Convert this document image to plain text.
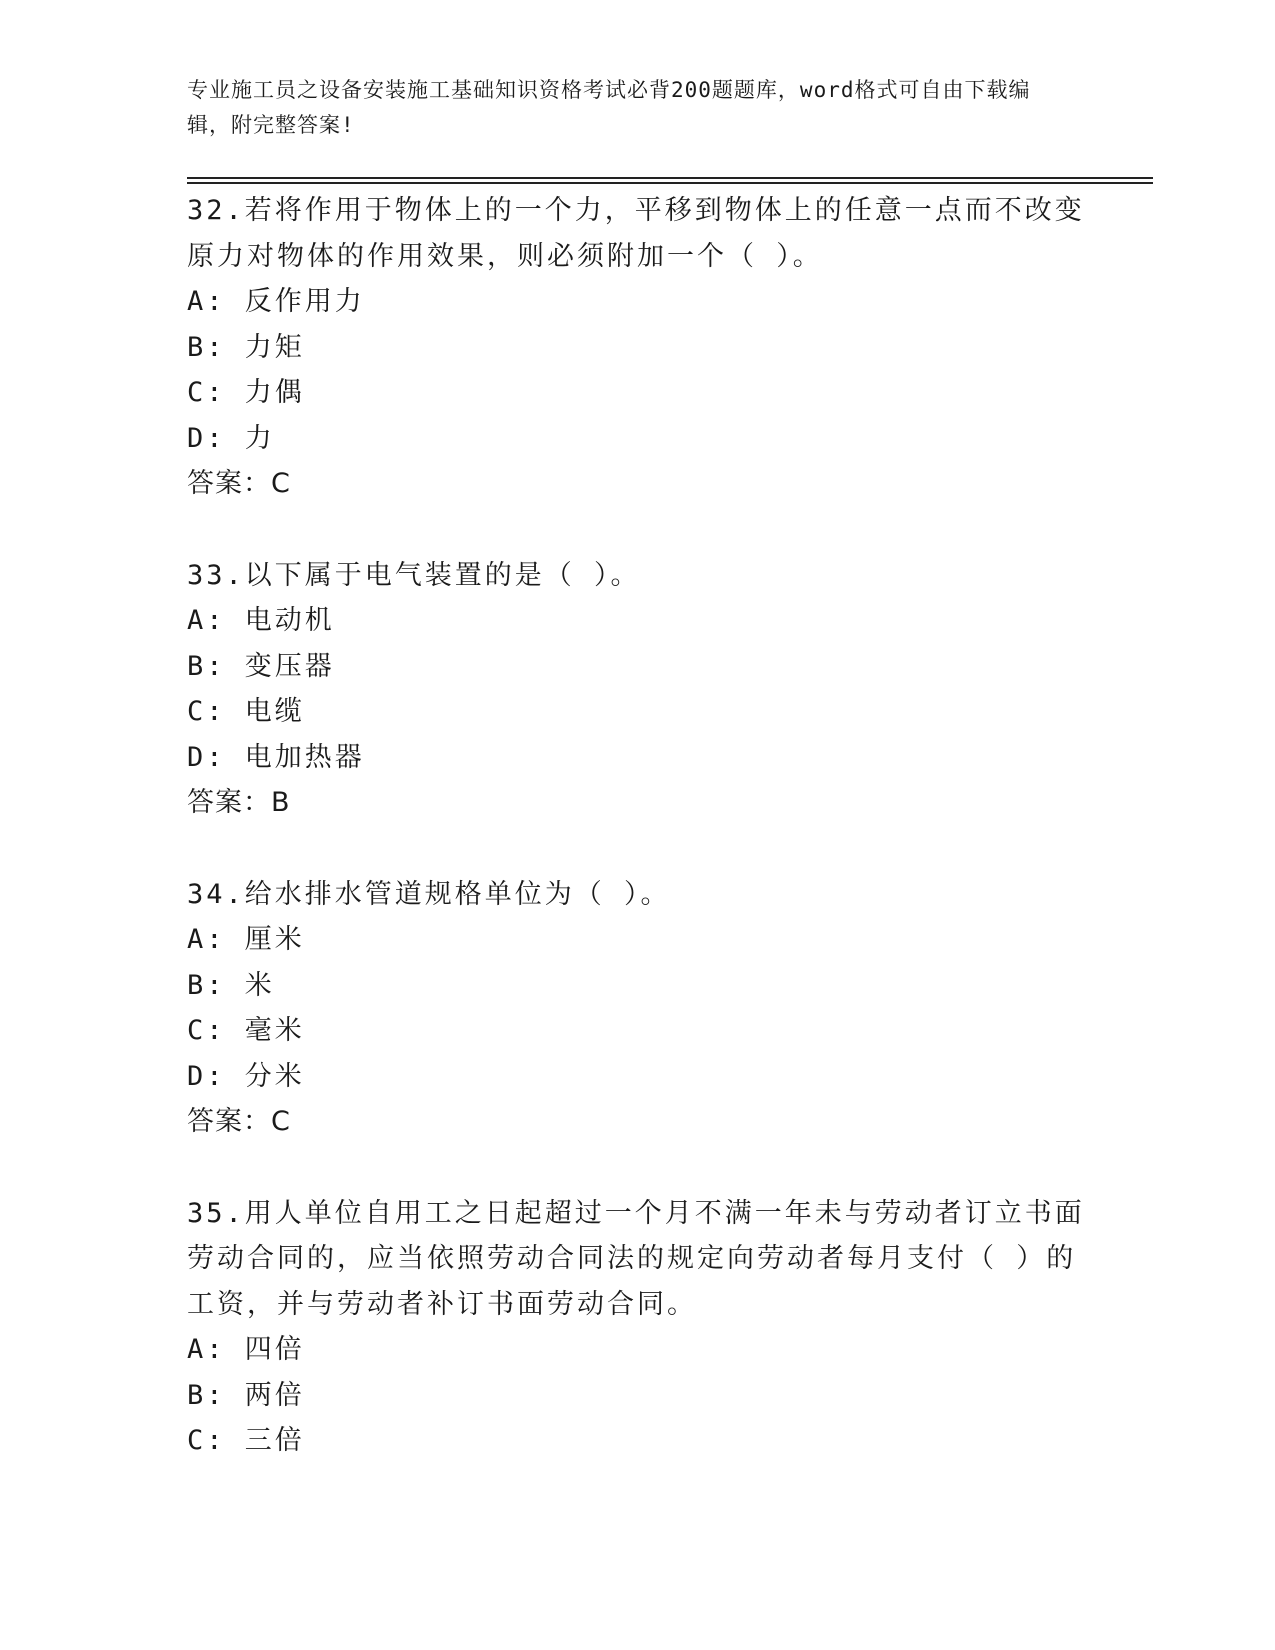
专业施工员之设备安装施工基础知识资格考试必背200题题库，word格式可自由下载编辑，附完整答案!
32.若将作用于物体上的一个力，平移到物体上的任意一点而不改变原力对物体的作用效果，则必须附加一个（ ）。
A: 反作用力
B: 力矩
C: 力偶
D: 力
答案：C
33.以下属于电气装置的是（ ）。
A: 电动机
B: 变压器
C: 电缆
D: 电加热器
答案：B
34.给水排水管道规格单位为（ ）。
A: 厘米
B: 米
C: 毫米
D: 分米
答案：C
35.用人单位自用工之日起超过一个月不满一年未与劳动者订立书面劳动合同的，应当依照劳动合同法的规定向劳动者每月支付（ ）的工资，并与劳动者补订书面劳动合同。
A: 四倍
B: 两倍
C: 三倍
